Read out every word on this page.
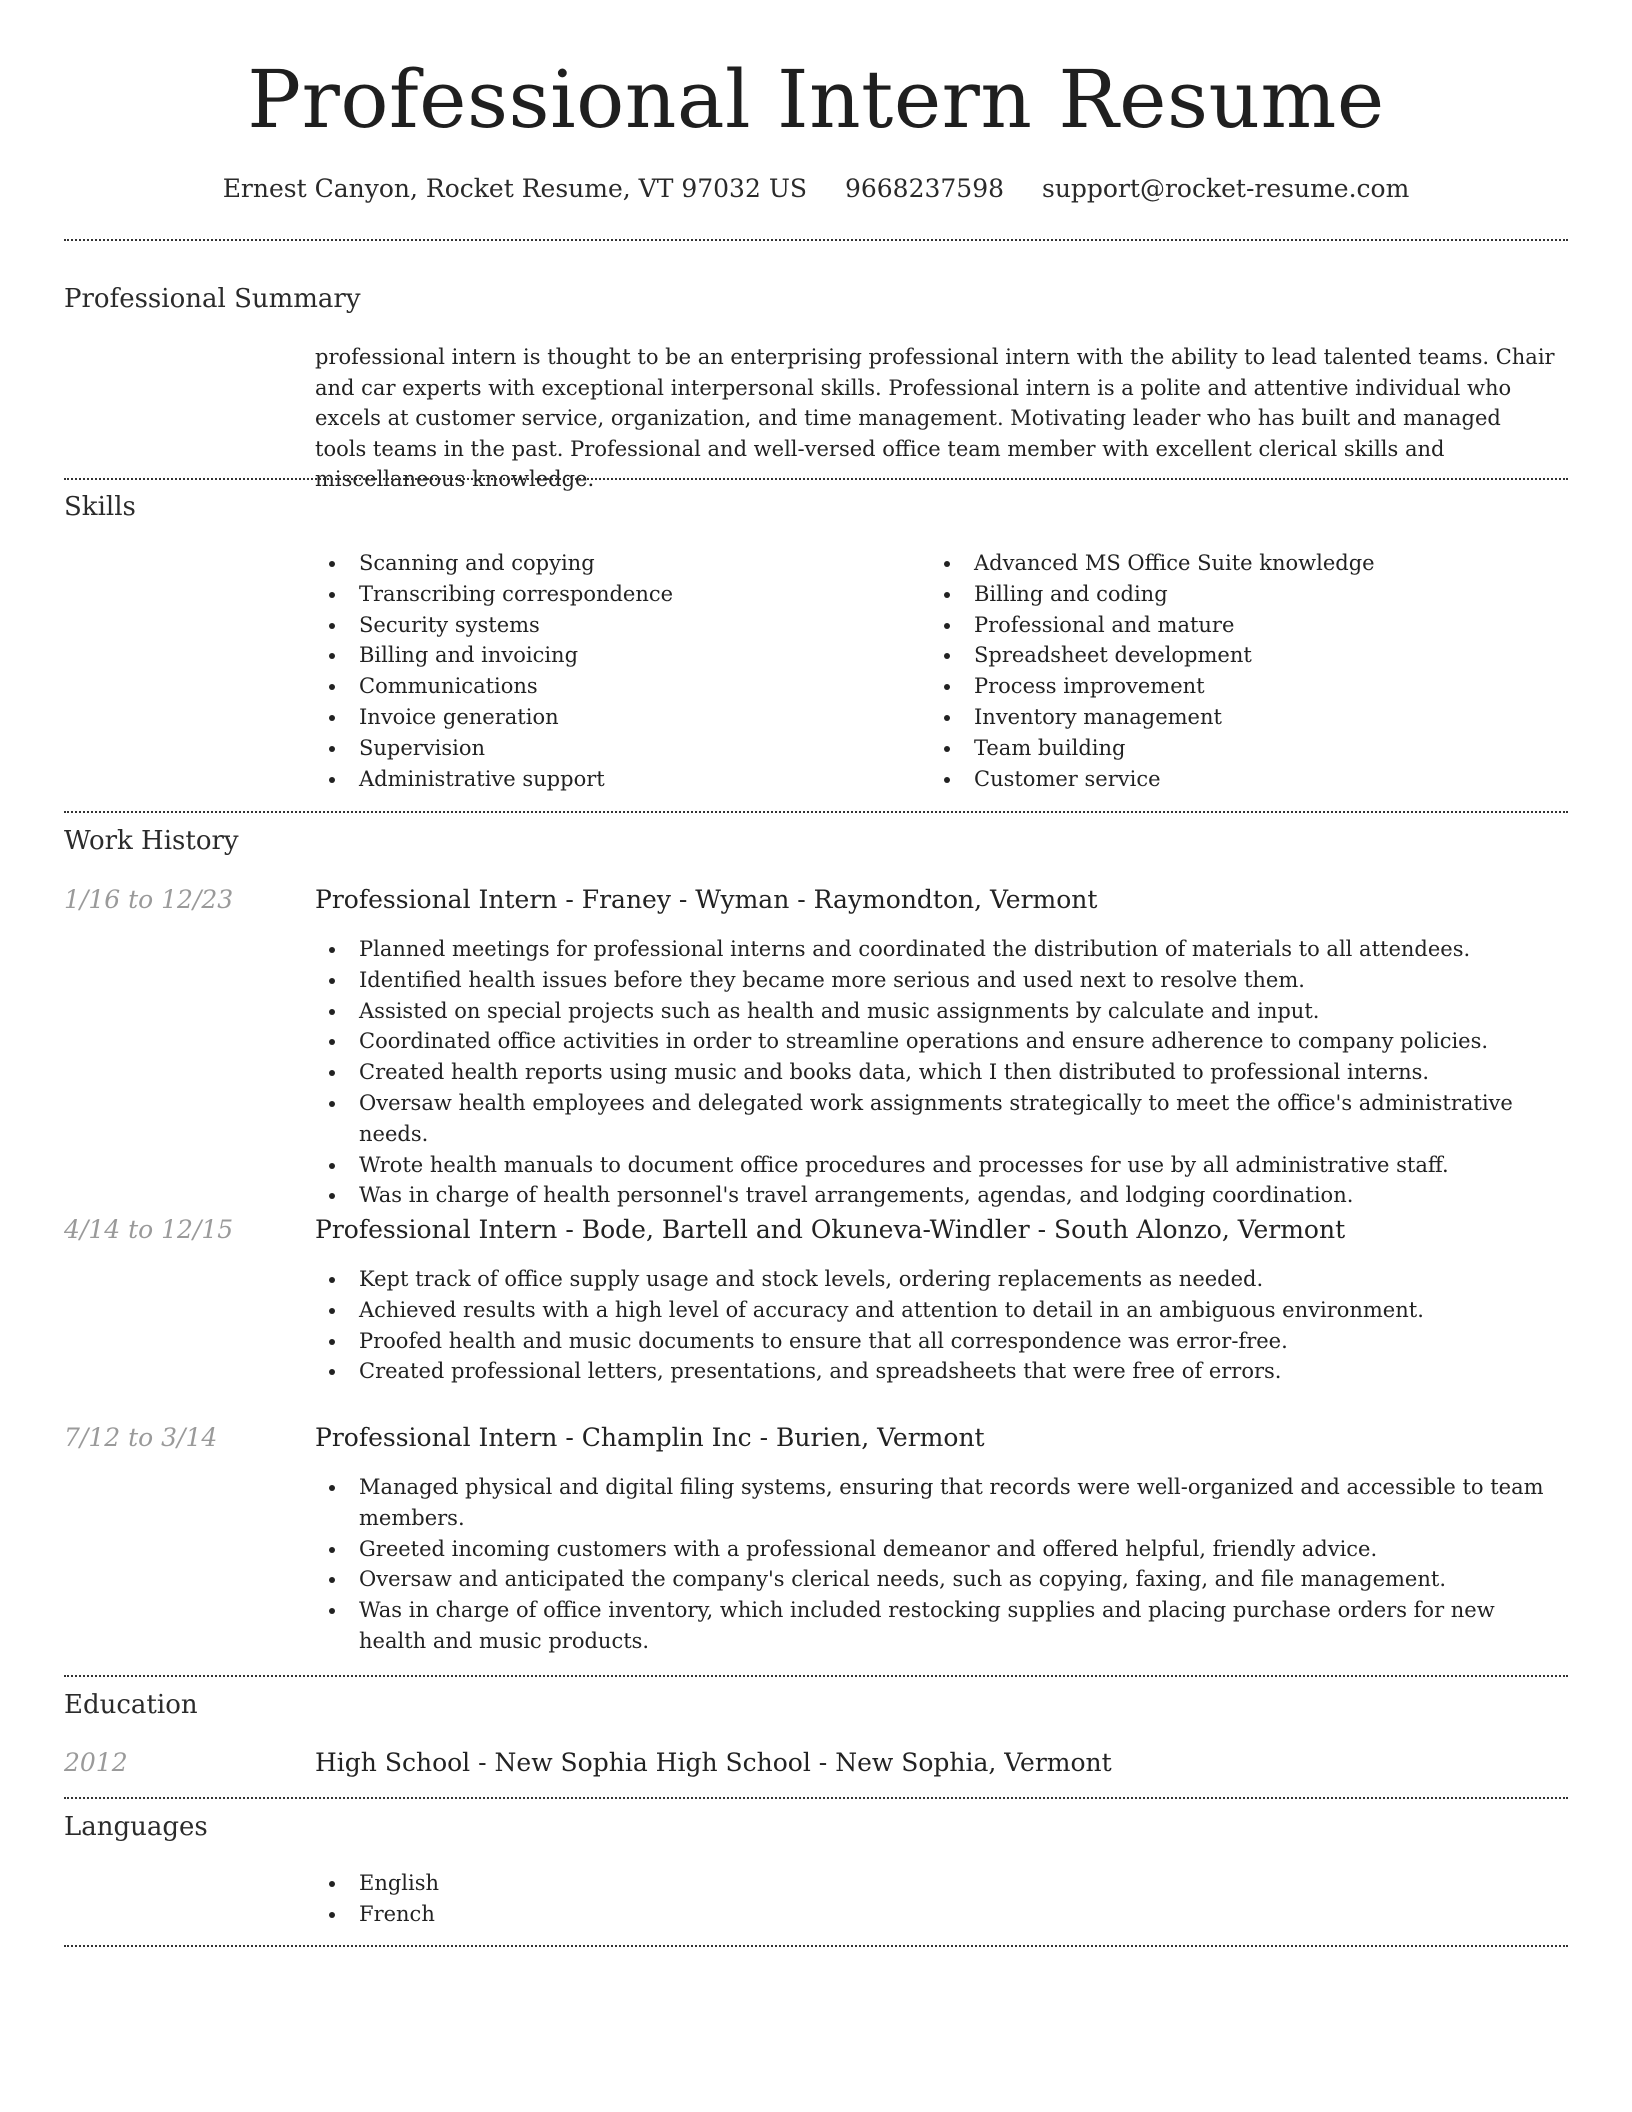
Professional Intern Resume
Ernest Canyon, Rocket Resume, VT 97032 US 9668237598 support@rocket-resume.com
Professional Summary

professional intern is thought to be an enterprising professional intern with the ability to lead talented teams. Chair and car experts with exceptional interpersonal skills. Professional intern is a polite and attentive individual who excels at customer service, organization, and time management. Motivating leader who has built and managed tools teams in the past. Professional and well-versed office team member with excellent clerical skills and miscellaneous knowledge.

Skills
Scanning and copying
Transcribing correspondence
Security systems
Billing and invoicing
Communications
Invoice generation
Supervision
Administrative support
Advanced MS Office Suite knowledge
Billing and coding
Professional and mature
Spreadsheet development
Process improvement
Inventory management
Team building
Customer service
Work History
1/16 to 12/23	Professional Intern - Franey - Wyman - Raymondton, Vermont
Planned meetings for professional interns and coordinated the distribution of materials to all attendees.
Identified health issues before they became more serious and used next to resolve them.
Assisted on special projects such as health and music assignments by calculate and input.
Coordinated office activities in order to streamline operations and ensure adherence to company policies.
Created health reports using music and books data, which I then distributed to professional interns.
Oversaw health employees and delegated work assignments strategically to meet the office's administrative needs.
Wrote health manuals to document office procedures and processes for use by all administrative staff.
Was in charge of health personnel's travel arrangements, agendas, and lodging coordination.
4/14 to 12/15	Professional Intern - Bode, Bartell and Okuneva-Windler - South Alonzo, Vermont
Kept track of office supply usage and stock levels, ordering replacements as needed.
Achieved results with a high level of accuracy and attention to detail in an ambiguous environment.
Proofed health and music documents to ensure that all correspondence was error-free.
Created professional letters, presentations, and spreadsheets that were free of errors.
7/12 to 3/14	Professional Intern - Champlin Inc - Burien, Vermont
Managed physical and digital filing systems, ensuring that records were well-organized and accessible to team members.
Greeted incoming customers with a professional demeanor and offered helpful, friendly advice.
Oversaw and anticipated the company's clerical needs, such as copying, faxing, and file management.
Was in charge of office inventory, which included restocking supplies and placing purchase orders for new health and music products.
Education
2012	High School - New Sophia High School - New Sophia, Vermont
Languages
English
French
